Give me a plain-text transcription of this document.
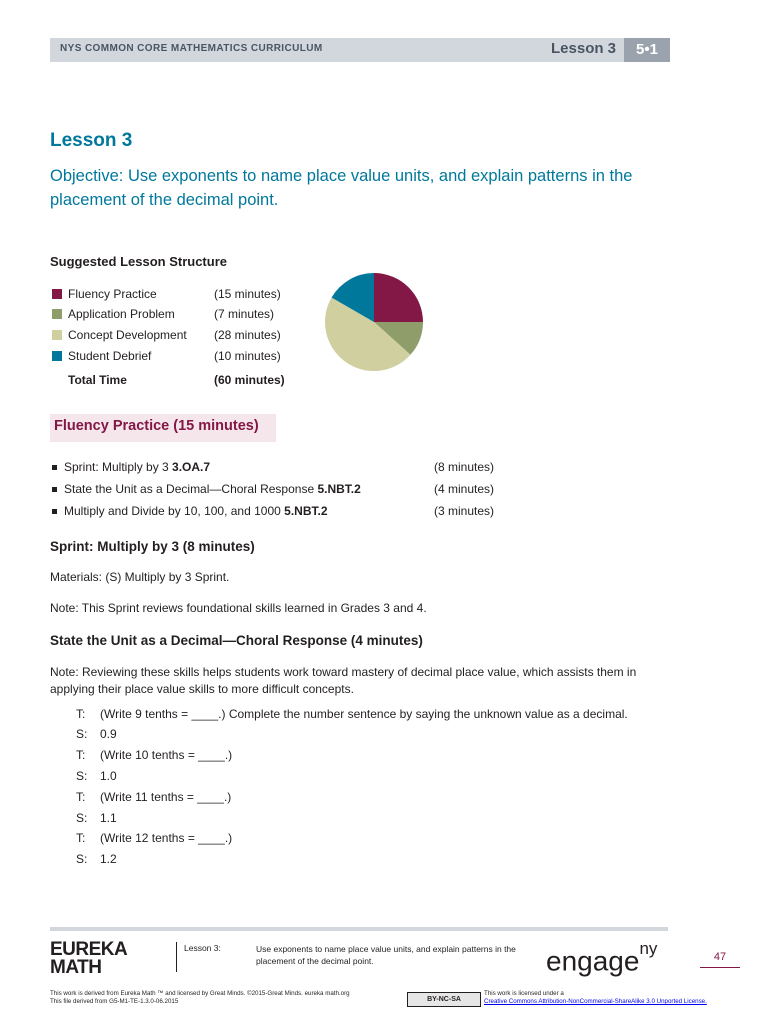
NYS COMMON CORE MATHEMATICS CURRICULUM	Lesson 3	5•1
Lesson 3
Objective: Use exponents to name place value units, and explain patterns in the placement of the decimal point.
Suggested Lesson Structure
Fluency Practice	(15 minutes)
Application Problem	(7 minutes)
Concept Development (28 minutes)
Student Debrief	(10 minutes)
Total Time	(60 minutes)
Fluency Practice (15 minutes)
Sprint: Multiply by 3 3.OA.7	(8 minutes)
State the Unit as a Decimal—Choral Response 5.NBT.2	(4 minutes)
Multiply and Divide by 10, 100, and 1000 5.NBT.2	(3 minutes)
Sprint: Multiply by 3 (8 minutes)
Materials: (S) Multiply by 3 Sprint.
Note: This Sprint reviews foundational skills learned in Grades 3 and 4.
State the Unit as a Decimal—Choral Response (4 minutes)
Note: Reviewing these skills helps students work toward mastery of decimal place value, which assists them in applying their place value skills to more difficult concepts.
T: (Write 9 tenths = ____.) Complete the number sentence by saying the unknown value as a decimal.
S: 0.9
T: (Write 10 tenths = ____.)
S: 1.0
T: (Write 11 tenths = ____.)
S: 1.1
T: (Write 12 tenths = ____.)
S: 1.2
EUREKA
MATH
Lesson 3:	Use exponents to name place value units, and explain patterns in the placement of the decimal point.	engage$^{ny}$	47
This work is derived from Eureka Math ™ and licensed by Great Minds. ©2015-Great Minds. eureka math.org
This file derived from G5-M1-TE-1.3.0-06.2015	BY-NC-SA
This work is licensed under a
Creative Commons Attribution-NonCommercial-ShareAlike 3.0 Unported License.
